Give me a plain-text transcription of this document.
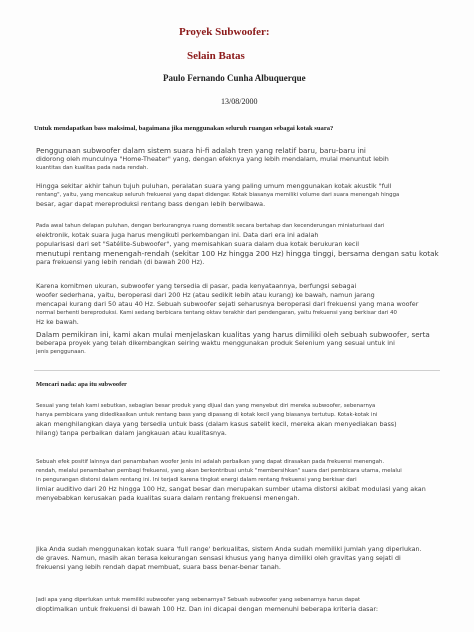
Proyek Subwoofer:
Selain Batas
Paulo Fernando Cunha Albuquerque
13/08/2000
Untuk mendapatkan bass maksimal, bagaimana jika menggunakan seluruh ruangan sebagai kotak suara?
Penggunaan subwoofer dalam sistem suara hi-fi adalah tren yang relatif baru, baru-baru ini
didorong oleh munculnya "Home-Theater" yang, dengan efeknya yang lebih mendalam, mulai menuntut lebih
kuantitas dan kualitas pada nada rendah.
Hingga sekitar akhir tahun tujuh puluhan, peralatan suara yang paling umum menggunakan kotak akustik "full
rentang", yaitu, yang mencakup seluruh frekuensi yang dapat didengar. Kotak biasanya memiliki volume dari suara menengah hingga
besar, agar dapat mereproduksi rentang bass dengan lebih berwibawa.
Pada awal tahun delapan puluhan, dengan berkurangnya ruang domestik secara bertahap dan kecenderungan miniaturisasi dari
elektronik, kotak suara juga harus mengikuti perkembangan ini. Data dari era ini adalah
popularisasi dari set "Satélite-Subwoofer", yang memisahkan suara dalam dua kotak berukuran kecil
menutupi rentang menengah-rendah (sekitar 100 Hz hingga 200 Hz) hingga tinggi, bersama dengan satu kotak
para frekuensi yang lebih rendah (di bawah 200 Hz).
Karena komitmen ukuran, subwoofer yang tersedia di pasar, pada kenyataannya, berfungsi sebagai
woofer sederhana, yaitu, beroperasi dari 200 Hz (atau sedikit lebih atau kurang) ke bawah, namun jarang
mencapai kurang dari 50 atau 40 Hz. Sebuah subwoofer sejati seharusnya beroperasi dari frekuensi yang mana woofer
normal berhenti bereproduksi. Kami sedang berbicara tentang oktav terakhir dari pendengaran, yaitu frekuensi yang berkisar dari 40
Hz ke bawah.
Dalam pemikiran ini, kami akan mulai menjelaskan kualitas yang harus dimiliki oleh sebuah subwoofer, serta
beberapa proyek yang telah dikembangkan seiring waktu menggunakan produk Selenium yang sesuai untuk ini
jenis penggunaan.
Mencari nada: apa itu subwoofer
Sesuai yang telah kami sebutkan, sebagian besar produk yang dijual dan yang menyebut diri mereka subwoofer, sebenarnya
hanya pembicara yang didedikasikan untuk rentang bass yang dipasang di kotak kecil yang biasanya tertutup. Kotak-kotak ini
akan menghilangkan daya yang tersedia untuk bass (dalam kasus satelit kecil, mereka akan menyediakan bass)
hilang) tanpa perbaikan dalam jangkauan atau kualitasnya.
Sebuah efek positif lainnya dari penambahan woofer jenis ini adalah perbaikan yang dapat dirasakan pada frekuensi menengah.
rendah, melalui penambahan pembagi frekuensi, yang akan berkontribusi untuk "membersihkan" suara dari pembicara utama, melalui
in pengurangan distorsi dalam rentang ini. Ini terjadi karena tingkat energi dalam rentang frekuensi yang berkisar dari
limiar auditivo dari 20 Hz hingga 100 Hz, sangat besar dan merupakan sumber utama distorsi akibat modulasi yang akan
menyebabkan kerusakan pada kualitas suara dalam rentang frekuensi menengah.
Jika Anda sudah menggunakan kotak suara 'full range' berkualitas, sistem Anda sudah memiliki jumlah yang diperlukan.
de graves. Namun, masih akan terasa kekurangan sensasi khusus yang hanya dimiliki oleh gravitas yang sejati di
frekuensi yang lebih rendah dapat membuat, suara bass benar-benar tanah.
Jadi apa yang diperlukan untuk memiliki subwoofer yang sebenarnya? Sebuah subwoofer yang sebenarnya harus dapat
dioptimalkan untuk frekuensi di bawah 100 Hz. Dan ini dicapai dengan memenuhi beberapa kriteria dasar:
